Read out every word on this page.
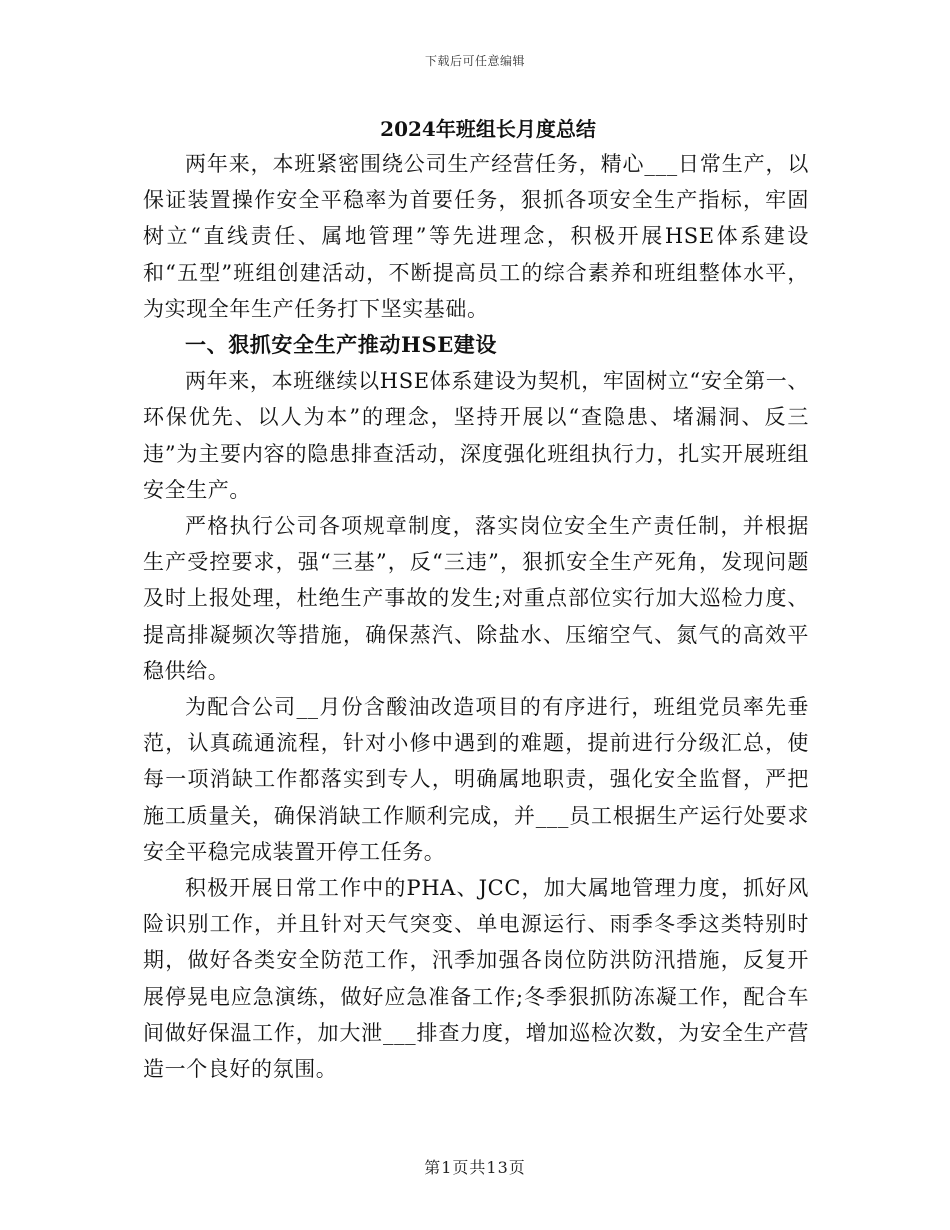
下载后可任意编辑
2024年班组长月度总结

两年来，本班紧密围绕公司生产经营任务，精心___日常生产，以保证装置操作安全平稳率为首要任务，狠抓各项安全生产指标，牢固树立“直线责任、属地管理”等先进理念，积极开展HSE体系建设和“五型”班组创建活动，不断提高员工的综合素养和班组整体水平，为实现全年生产任务打下坚实基础。

一、狠抓安全生产推动HSE建设

两年来，本班继续以HSE体系建设为契机，牢固树立“安全第一、环保优先、以人为本”的理念，坚持开展以“查隐患、堵漏洞、反三违”为主要内容的隐患排查活动，深度强化班组执行力，扎实开展班组安全生产。

严格执行公司各项规章制度，落实岗位安全生产责任制，并根据生产受控要求，强“三基”，反“三违”，狠抓安全生产死角，发现问题及时上报处理，杜绝生产事故的发生;对重点部位实行加大巡检力度、提高排凝频次等措施，确保蒸汽、除盐水、压缩空气、氮气的高效平稳供给。

为配合公司__月份含酸油改造项目的有序进行，班组党员率先垂范，认真疏通流程，针对小修中遇到的难题，提前进行分级汇总，使每一项消缺工作都落实到专人，明确属地职责，强化安全监督，严把施工质量关，确保消缺工作顺利完成，并___员工根据生产运行处要求安全平稳完成装置开停工任务。

积极开展日常工作中的PHA、JCC，加大属地管理力度，抓好风险识别工作，并且针对天气突变、单电源运行、雨季冬季这类特别时期，做好各类安全防范工作，汛季加强各岗位防洪防汛措施，反复开展停晃电应急演练，做好应急准备工作;冬季狠抓防冻凝工作，配合车间做好保温工作，加大泄___排查力度，增加巡检次数，为安全生产营造一个良好的氛围。

第1页共13页
